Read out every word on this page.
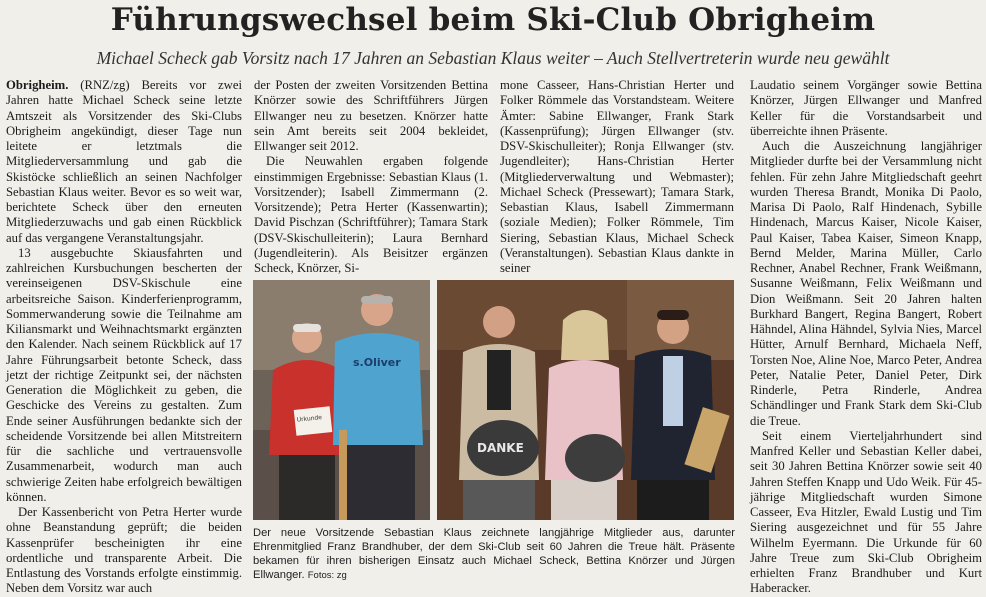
Führungswechsel beim Ski-Club Obrigheim
Michael Scheck gab Vorsitz nach 17 Jahren an Sebastian Klaus weiter – Auch Stellvertreterin wurde neu gewählt

Obrigheim. (RNZ/zg) Bereits vor zwei Jahren hatte Michael Scheck seine letzte Amtszeit als Vorsitzender des Ski-Clubs Obrigheim angekündigt, dieser Tage nun leitete er letztmals die Mitgliederversammlung und gab die Skistöcke schließlich an seinen Nachfolger Sebastian Klaus weiter. Bevor es so weit war, berichtete Scheck über den erneuten Mitgliederzuwachs und gab einen Rückblick auf das vergangene Veranstaltungsjahr.

13 ausgebuchte Skiausfahrten und zahlreichen Kursbuchungen bescherten der vereinseigenen DSV-Skischule eine arbeitsreiche Saison. Kinderferienprogramm, Sommerwanderung sowie die Teilnahme am Kiliansmarkt und Weihnachtsmarkt ergänzten den Kalender. Nach seinem Rückblick auf 17 Jahre Führungsarbeit betonte Scheck, dass jetzt der richtige Zeitpunkt sei, der nächsten Generation die Möglichkeit zu geben, die Geschicke des Vereins zu gestalten. Zum Ende seiner Ausführungen bedankte sich der scheidende Vorsitzende bei allen Mitstreitern für die sachliche und vertrauensvolle Zusammenarbeit, wodurch man auch schwierige Zeiten habe erfolgreich bewältigen können.

Der Kassenbericht von Petra Herter wurde ohne Beanstandung geprüft; die beiden Kassenprüfer bescheinigten ihr eine ordentliche und transparente Arbeit. Die Entlastung des Vorstands erfolgte einstimmig. Neben dem Vorsitz war auch

der Posten der zweiten Vorsitzenden Bettina Knörzer sowie des Schriftführers Jürgen Ellwanger neu zu besetzen. Knörzer hatte sein Amt bereits seit 2004 bekleidet, Ellwanger seit 2012.

Die Neuwahlen ergaben folgende einstimmigen Ergebnisse: Sebastian Klaus (1. Vorsitzender); Isabell Zimmermann (2. Vorsitzende); Petra Herter (Kassenwartin); David Pischzan (Schriftführer); Tamara Stark (DSV-Skischulleiterin); Laura Bernhard (Jugendleiterin). Als Beisitzer ergänzen Scheck, Knörzer, Si-

mone Casseer, Hans-Christian Herter und Folker Römmele das Vorstandsteam. Weitere Ämter: Sabine Ellwanger, Frank Stark (Kassenprüfung); Jürgen Ellwanger (stv. DSV-Skischulleiter); Ronja Ellwanger (stv. Jugendleiter); Hans-Christian Herter (Mitgliederverwaltung und Webmaster); Michael Scheck (Pressewart); Tamara Stark, Sebastian Klaus, Isabell Zimmermann (soziale Medien); Folker Römmele, Tim Siering, Sebastian Klaus, Michael Scheck (Veranstaltungen). Sebastian Klaus dankte in seiner

Laudatio seinem Vorgänger sowie Bettina Knörzer, Jürgen Ellwanger und Manfred Keller für die Vorstandsarbeit und überreichte ihnen Präsente.

Auch die Auszeichnung langjähriger Mitglieder durfte bei der Versammlung nicht fehlen. Für zehn Jahre Mitgliedschaft geehrt wurden Theresa Brandt, Monika Di Paolo, Marisa Di Paolo, Ralf Hindenach, Sybille Hindenach, Marcus Kaiser, Nicole Kaiser, Paul Kaiser, Tabea Kaiser, Simeon Knapp, Bernd Melder, Marina Müller, Carlo Rechner, Anabel Rechner, Frank Weißmann, Susanne Weißmann, Felix Weißmann und Dion Weißmann. Seit 20 Jahren halten Burkhard Bangert, Regina Bangert, Robert Hähndel, Alina Hähndel, Sylvia Nies, Marcel Hütter, Arnulf Bernhard, Michaela Neff, Torsten Noe, Aline Noe, Marco Peter, Andrea Peter, Natalie Peter, Daniel Peter, Dirk Rinderle, Petra Rinderle, Andrea Schändlinger und Frank Stark dem Ski-Club die Treue.

Seit einem Vierteljahrhundert sind Manfred Keller und Sebastian Keller dabei, seit 30 Jahren Bettina Knörzer sowie seit 40 Jahren Steffen Knapp und Udo Weik. Für 45-jährige Mitgliedschaft wurden Simone Casseer, Eva Hitzler, Ewald Lustig und Tim Siering ausgezeichnet und für 55 Jahre Wilhelm Eyermann. Die Urkunde für 60 Jahre Treue zum Ski-Club Obrigheim erhielten Franz Brandhuber und Kurt Haberacker.

Urkunde
s.Oliver
DANKE
Der neue Vorsitzende Sebastian Klaus zeichnete langjährige Mitglieder aus, darunter Ehrenmitglied Franz Brandhuber, der dem Ski-Club seit 60 Jahren die Treue hält. Präsente bekamen für ihren bisherigen Einsatz auch Michael Scheck, Bettina Knörzer und Jürgen Ellwanger. Fotos: zg
